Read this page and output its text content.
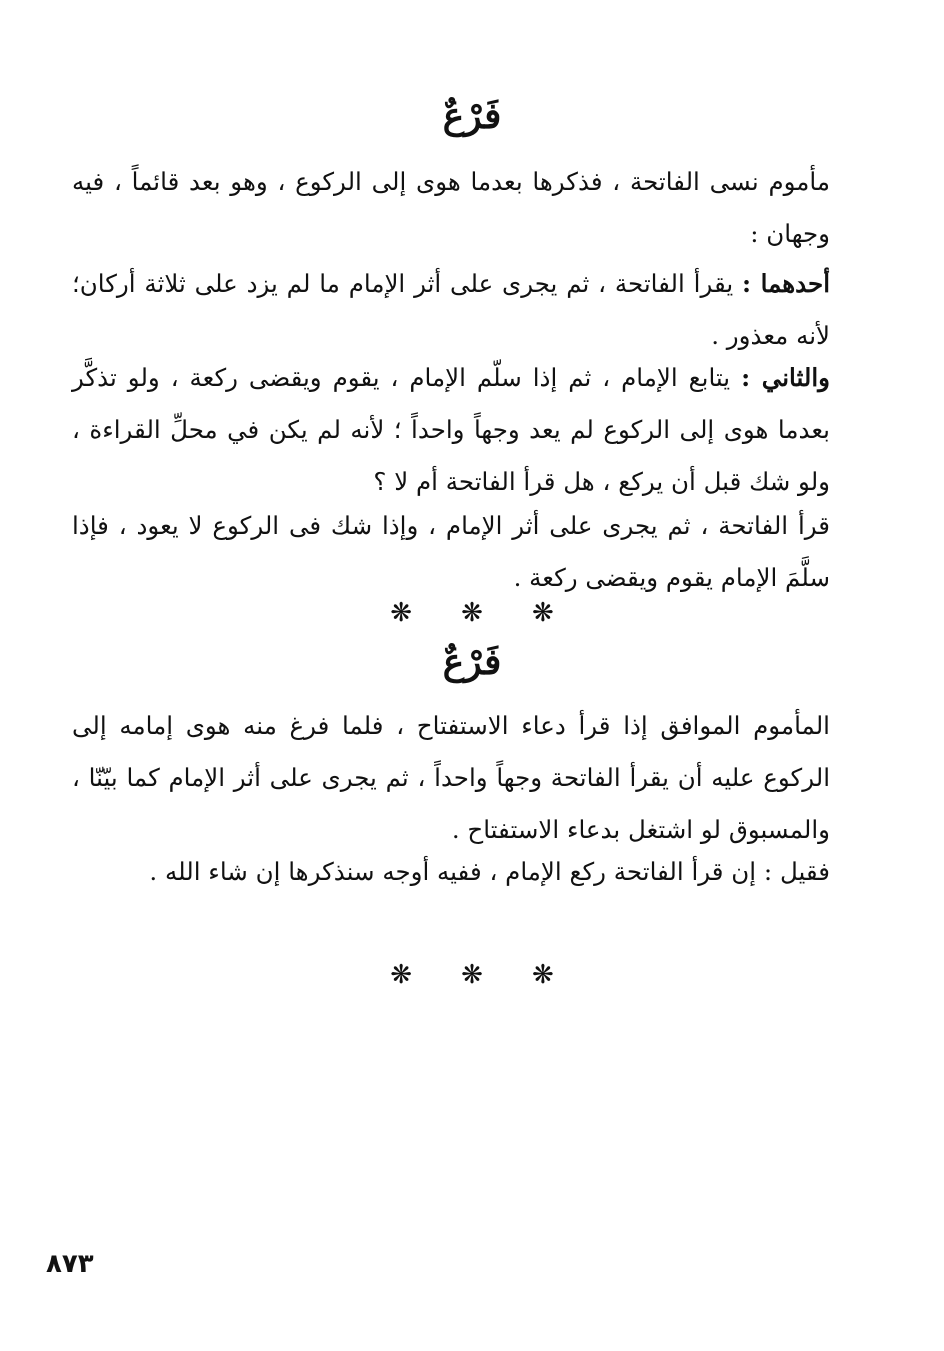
فَرْعٌ

مأموم نسى الفاتحة ، فذكرها بعدما هوى إلى الركوع ، وهو بعد قائماً ، فيه وجهان :

أحدهما : يقرأ الفاتحة ، ثم يجرى على أثر الإمام ما لم يزد على ثلاثة أركان؛ لأنه معذور .

والثاني : يتابع الإمام ، ثم إذا سلّم الإمام ، يقوم ويقضى ركعة ، ولو تذكَّر بعدما هوى إلى الركوع لم يعد وجهاً واحداً ؛ لأنه لم يكن في محلِّ القراءة ، ولو شك قبل أن يركع ، هل قرأ الفاتحة أم لا ؟

قرأ الفاتحة ، ثم يجرى على أثر الإمام ، وإذا شك فى الركوع لا يعود ، فإذا سلَّمَ الإمام يقوم ويقضى ركعة .

❋ ❋ ❋
فَرْعٌ

المأموم الموافق إذا قرأ دعاء الاستفتاح ، فلما فرغ منه هوى إمامه إلى الركوع عليه أن يقرأ الفاتحة وجهاً واحداً ، ثم يجرى على أثر الإمام كما بيّنّا ، والمسبوق لو اشتغل بدعاء الاستفتاح .

فقيل : إن قرأ الفاتحة ركع الإمام ، ففيه أوجه سنذكرها إن شاء الله .

❋ ❋ ❋
٨٧٣
